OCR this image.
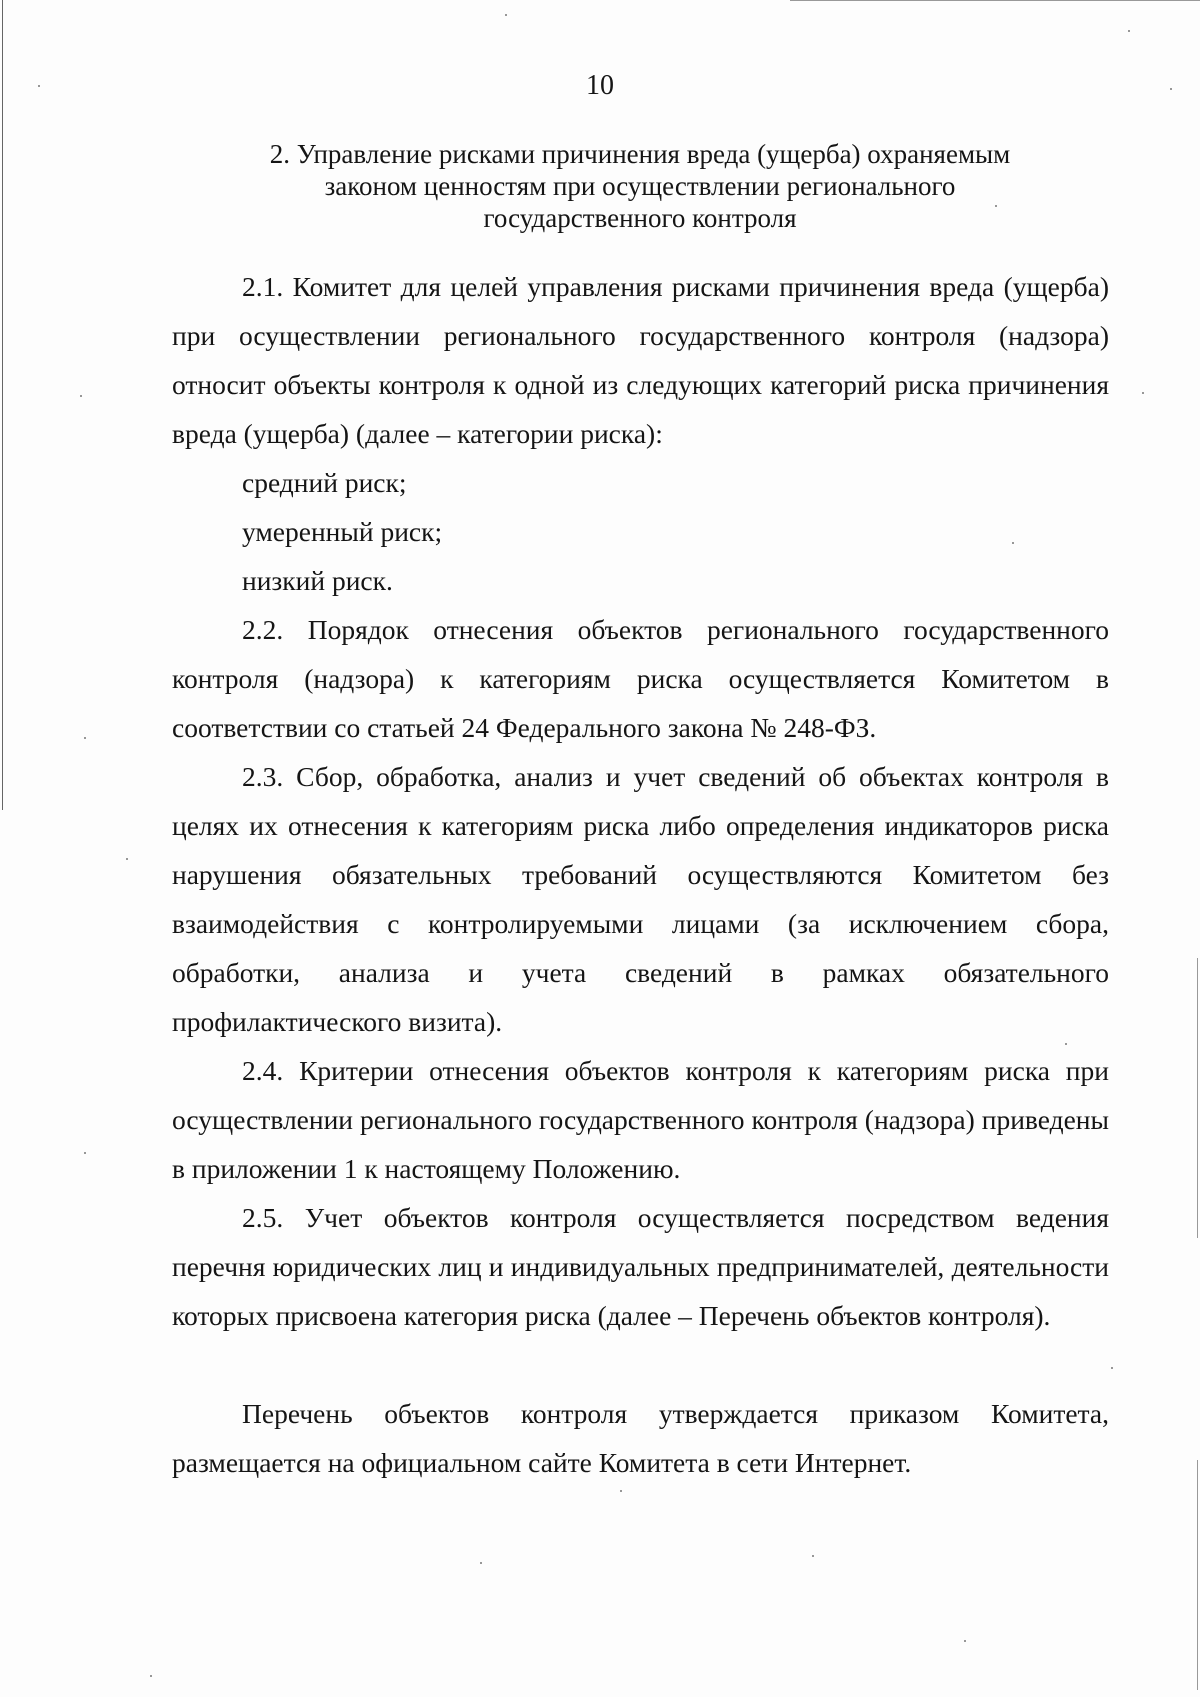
10
2. Управление рисками причинения вреда (ущерба) охраняемым
законом ценностям при осуществлении регионального
государственного контроля

2.1. Комитет для целей управления рисками причинения вреда (ущерба) при осуществлении регионального государственного контроля (надзора) относит объекты контроля к одной из следующих категорий риска причинения вреда (ущерба) (далее – категории риска):

средний риск;

умеренный риск;

низкий риск.

2.2. Порядок отнесения объектов регионального государственного контроля (надзора) к категориям риска осуществляется Комитетом в соответствии со статьей 24 Федерального закона № 248-ФЗ.

2.3. Сбор, обработка, анализ и учет сведений об объектах контроля в целях их отнесения к категориям риска либо определения индикаторов риска нарушения обязательных требований осуществляются Комитетом без взаимодействия с контролируемыми лицами (за исключением сбора, обработки, анализа и учета сведений в рамках обязательного профилактического визита).

2.4. Критерии отнесения объектов контроля к категориям риска при осуществлении регионального государственного контроля (надзора) приведены в приложении 1 к настоящему Положению.

2.5. Учет объектов контроля осуществляется посредством ведения перечня юридических лиц и индивидуальных предпринимателей, деятельности которых присвоена категория риска (далее – Перечень объектов контроля).

Перечень объектов контроля утверждается приказом Комитета, размещается на официальном сайте Комитета в сети Интернет.
